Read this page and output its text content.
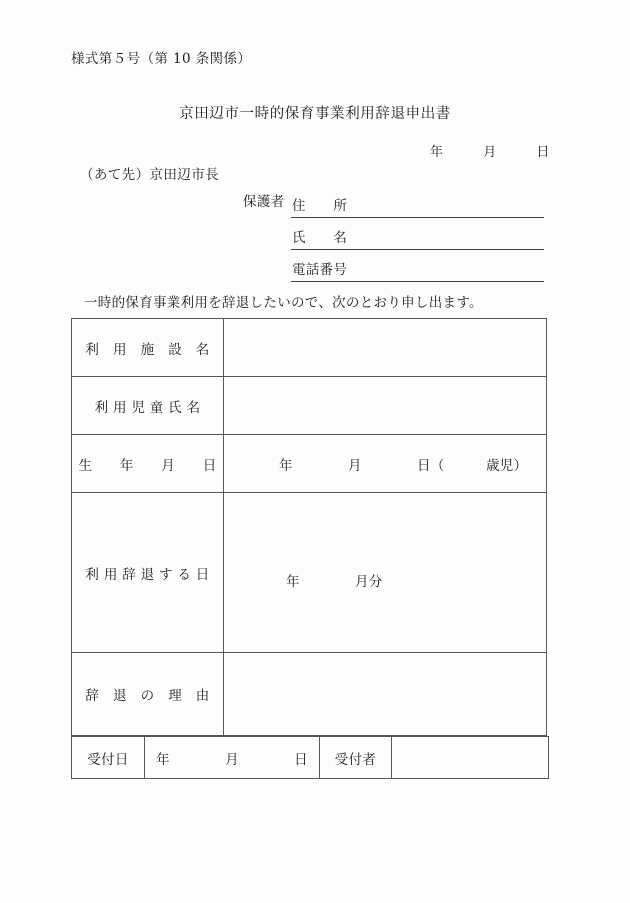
様式第５号（第 10 条関係）
京田辺市一時的保育事業利用辞退申出書
年　　　月　　　日
（あて先）京田辺市長
保護者 住　　所
氏　　名
電話番号
一時的保育事業利用を辞退したいので、次のとおり申し出ます。
利　用　施　設　名	

利 用 児 童 氏 名	

生　　年　　月　　日	年　　　　月　　　　日（　　　歳児）

利 用 辞 退 す る 日	年　　　　月分

辞　退　の　理　由	

受付日	年　　　　月　　　　日	受付者	
